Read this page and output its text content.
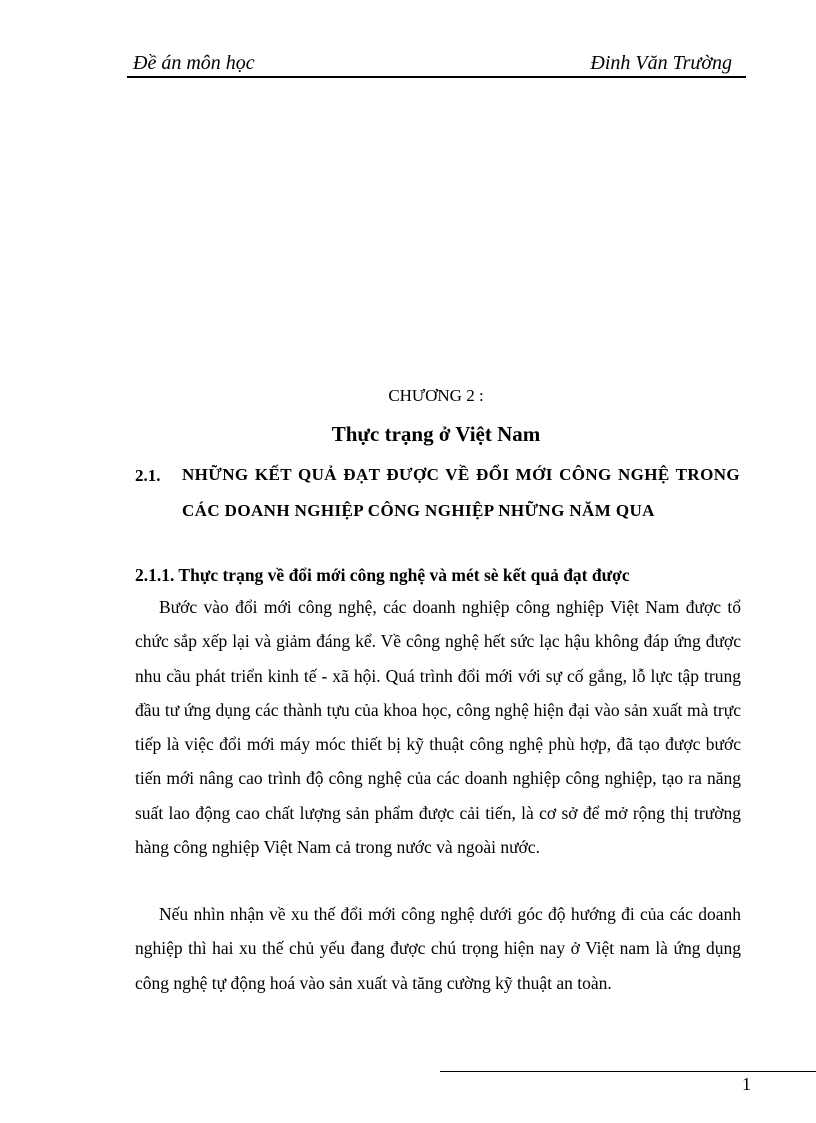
Đề án môn học	Đinh Văn Trường
CHƯƠNG 2 :
Thực trạng ở Việt Nam
2.1. NHỮNG KẾT QUẢ ĐẠT ĐƯỢC VỀ ĐỔI MỚI CÔNG NGHỆ TRONG CÁC DOANH NGHIỆP CÔNG NGHIỆP NHỮNG NĂM QUA
2.1.1. Thực trạng về đổi mới công nghệ và mét sè kết quả đạt được

Bước vào đổi mới công nghệ, các doanh nghiệp công nghiệp Việt Nam được tổ chức sắp xếp lại và giảm đáng kể. Về công nghệ hết sức lạc hậu không đáp ứng được nhu cầu phát triển kinh tế - xã hội. Quá trình đổi mới với sự cố gắng, lỗ lực tập trung đầu tư ứng dụng các thành tựu của khoa học, công nghệ hiện đại vào sản xuất mà trực tiếp là việc đổi mới máy móc thiết bị kỹ thuật công nghệ phù hợp, đã tạo được bước tiến mới nâng cao trình độ công nghệ của các doanh nghiệp công nghiệp, tạo ra năng suất lao động cao chất lượng sản phẩm được cải tiến, là cơ sở để mở rộng thị trường hàng công nghiệp Việt Nam cả trong nước và ngoài nước.

Nếu nhìn nhận về xu thế đổi mới công nghệ dưới góc độ hướng đi của các doanh nghiệp thì hai xu thế chủ yếu đang được chú trọng hiện nay ở Việt nam là ứng dụng công nghệ tự động hoá vào sản xuất và tăng cường kỹ thuật an toàn.

1
